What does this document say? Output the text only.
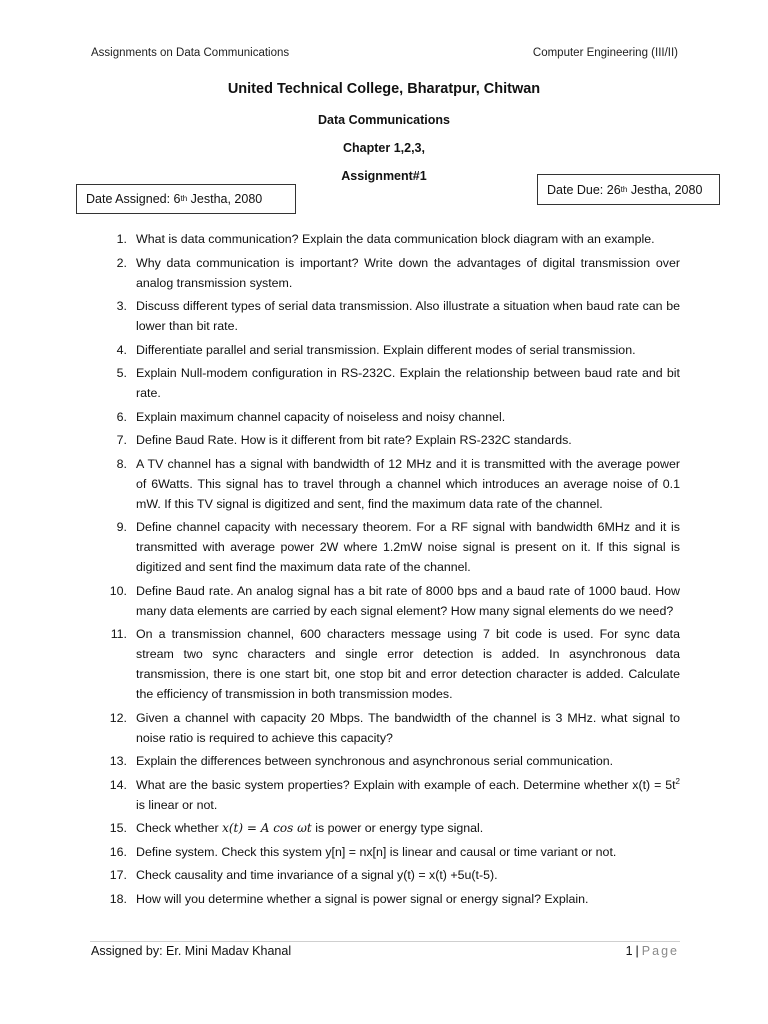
Assignments on Data Communications	Computer Engineering (III/II)
United Technical College, Bharatpur, Chitwan
Data Communications
Chapter 1,2,3,
Assignment#1
Date Assigned: 6 th Jestha, 2080
Date Due: 26 th Jestha, 2080
1. What is data communication? Explain the data communication block diagram with an example.
2. Why data communication is important? Write down the advantages of digital transmission over analog transmission system.
3. Discuss different types of serial data transmission. Also illustrate a situation when baud rate can be lower than bit rate.
4. Differentiate parallel and serial transmission. Explain different modes of serial transmission.
5. Explain Null-modem configuration in RS-232C. Explain the relationship between baud rate and bit rate.
6. Explain maximum channel capacity of noiseless and noisy channel.
7. Define Baud Rate. How is it different from bit rate? Explain RS-232C standards.
8. A TV channel has a signal with bandwidth of 12 MHz and it is transmitted with the average power of 6Watts. This signal has to travel through a channel which introduces an average noise of 0.1 mW. If this TV signal is digitized and sent, find the maximum data rate of the channel.
9. Define channel capacity with necessary theorem. For a RF signal with bandwidth 6MHz and it is transmitted with average power 2W where 1.2mW noise signal is present on it. If this signal is digitized and sent find the maximum data rate of the channel.
10. Define Baud rate. An analog signal has a bit rate of 8000 bps and a baud rate of 1000 baud. How many data elements are carried by each signal element? How many signal elements do we need?
11. On a transmission channel, 600 characters message using 7 bit code is used. For sync data stream two sync characters and single error detection is added. In asynchronous data transmission, there is one start bit, one stop bit and error detection character is added. Calculate the efficiency of transmission in both transmission modes.
12. Given a channel with capacity 20 Mbps. The bandwidth of the channel is 3 MHz. what signal to noise ratio is required to achieve this capacity?
13. Explain the differences between synchronous and asynchronous serial communication.
14. What are the basic system properties? Explain with example of each. Determine whether $x(t) = 5t^2$ is linear or not.
15. Check whether x(t) = A cos ωt is power or energy type signal.
16. Define system. Check this system y[n] = nx[n] is linear and causal or time variant or not.
17. Check causality and time invariance of a signal y(t) = x(t) +5u(t-5).
18. How will you determine whether a signal is power signal or energy signal? Explain.
Assigned by: Er. Mini Madav Khanal	1 | Page
